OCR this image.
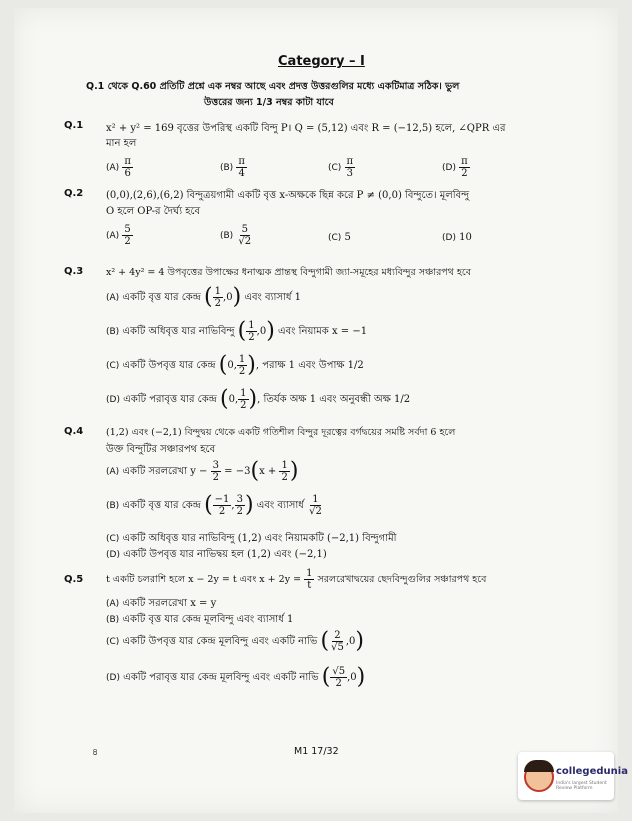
Category – I
Q.1 থেকে Q.60 প্রতিটি প্রশ্নে এক নম্বর আছে এবং প্রদত্ত উত্তরগুলির মধ্যে একটিমাত্র সঠিক। ভুল
উত্তরের জন্য 1/3 নম্বর কাটা যাবে
Q.1 x² + y² = 169 বৃত্তের উপরিস্থ একটি বিন্দু P। Q = (5,12) এবং R = (−12,5) হলে, ∠QPR এর
মান হল
$(A) \frac{\pi}{6}$	$(B) \frac{\pi}{4}$	$(C) \frac{\pi}{3}$	$(D) \frac{\pi}{2}$
Q.2 (0,0),(2,6),(6,2) বিন্দুত্রয়গামী একটি বৃত্ত x-অক্ষকে ছিন্ন করে P ≠ (0,0) বিন্দুতে। মূলবিন্দু
O হলে OP-র দৈর্ঘ্য হবে
$(A) \frac{5}{2}$	$(B) \frac{5}{√2}$	(C) 5	(D) 10
Q.3 x² + 4y² = 4 উপবৃত্তের উপাক্ষের ধনাত্মক প্রান্তস্থ বিন্দুগামী জ্যা-সমূহের মধ্যবিন্দুর সঞ্চারপথ হবে
(A) একটি বৃত্ত যার কেন্দ্র ( $\frac{1}{2} ,0$) এবং ব্যাসার্ধ 1
(B) একটি অধিবৃত্ত যার নাভিবিন্দু ( $\frac{1}{2} ,0$) এবং নিয়ামক x = −1
(C) একটি উপবৃত্ত যার কেন্দ্র (0, $\frac{1}{2}$ ), পরাক্ষ 1 এবং উপাক্ষ 1/2
(D) একটি পরাবৃত্ত যার কেন্দ্র (0, $\frac{1}{2}$ ), তির্যক অক্ষ 1 এবং অনুবন্ধী অক্ষ 1/2
Q.4 (1,2) এবং (−2,1) বিন্দুদ্বয় থেকে একটি গতিশীল বিন্দুর দূরত্বের বর্গদ্বয়ের সমষ্টি সর্বদা 6 হলে
উক্ত বিন্দুটির সঞ্চারপথ হবে
(A) একটি সরলরেখা $y - \frac{3}{2} = -3(x + \frac{1}{2}$ )
(B) একটি বৃত্ত যার কেন্দ্র ( $\frac{-1}{2}$ , $\frac{3}{2}$ ) এবং ব্যাসার্ধ $\frac{1}{√2}$
(C) একটি অধিবৃত্ত যার নাভিবিন্দু (1,2) এবং নিয়ামকটি (−2,1) বিন্দুগামী
(D) একটি উপবৃত্ত যার নাভিদ্বয় হল (1,2) এবং (−2,1)
Q.5 t একটি চলরাশি হলে x − 2y = t এবং $x + 2y = \frac{1}{t}$ সরলরেখাদ্বয়ের ছেদবিন্দুগুলির সঞ্চারপথ হবে
(A) একটি সরলরেখা x = y
(B) একটি বৃত্ত যার কেন্দ্র মূলবিন্দু এবং ব্যাসার্ধ 1
(C) একটি উপবৃত্ত যার কেন্দ্র মূলবিন্দু এবং একটি নাভি ( $\frac{2}{√5} ,0$)
(D) একটি পরাবৃত্ত যার কেন্দ্র মূলবিন্দু এবং একটি নাভি ( $\frac{√5}{2} ,0$)
৪	M1 17/32
collegedunia
India's largest Student Review Platform
